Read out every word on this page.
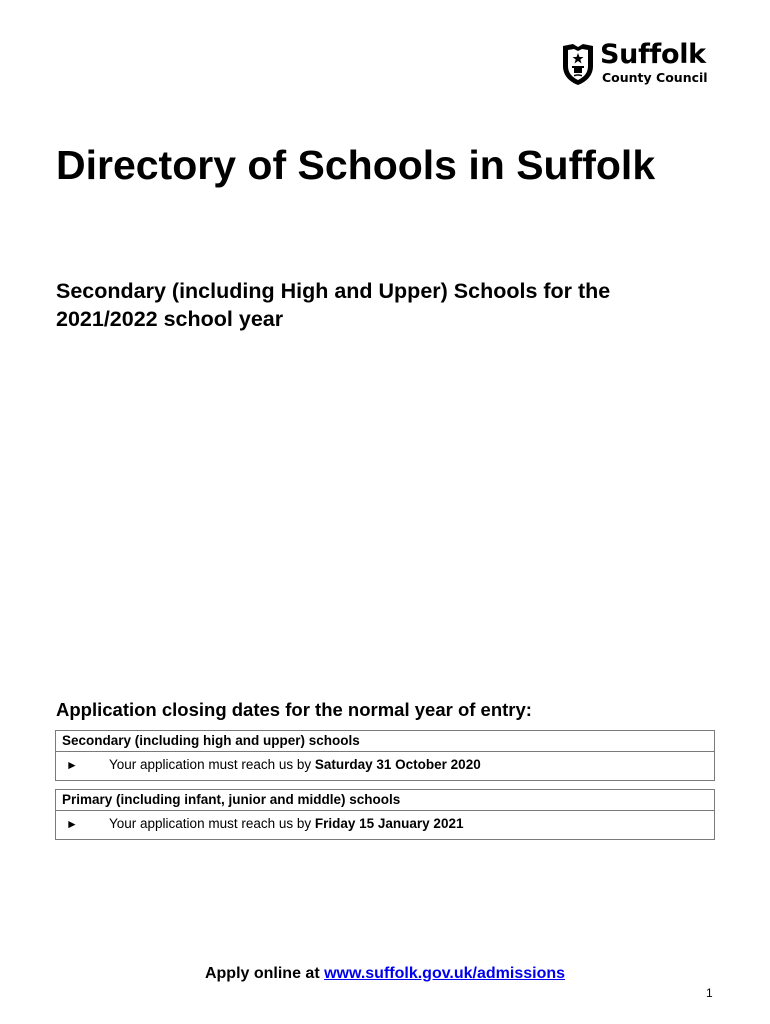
Suffolk
County Council
Directory of Schools in Suffolk
Secondary (including High and Upper) Schools for the 2021/2022 school year
Application closing dates for the normal year of entry:
Secondary (including high and upper) schools
► Your application must reach us by Saturday 31 October 2020
Primary (including infant, junior and middle) schools
► Your application must reach us by Friday 15 January 2021
Apply online at www.suffolk.gov.uk/admissions
1
